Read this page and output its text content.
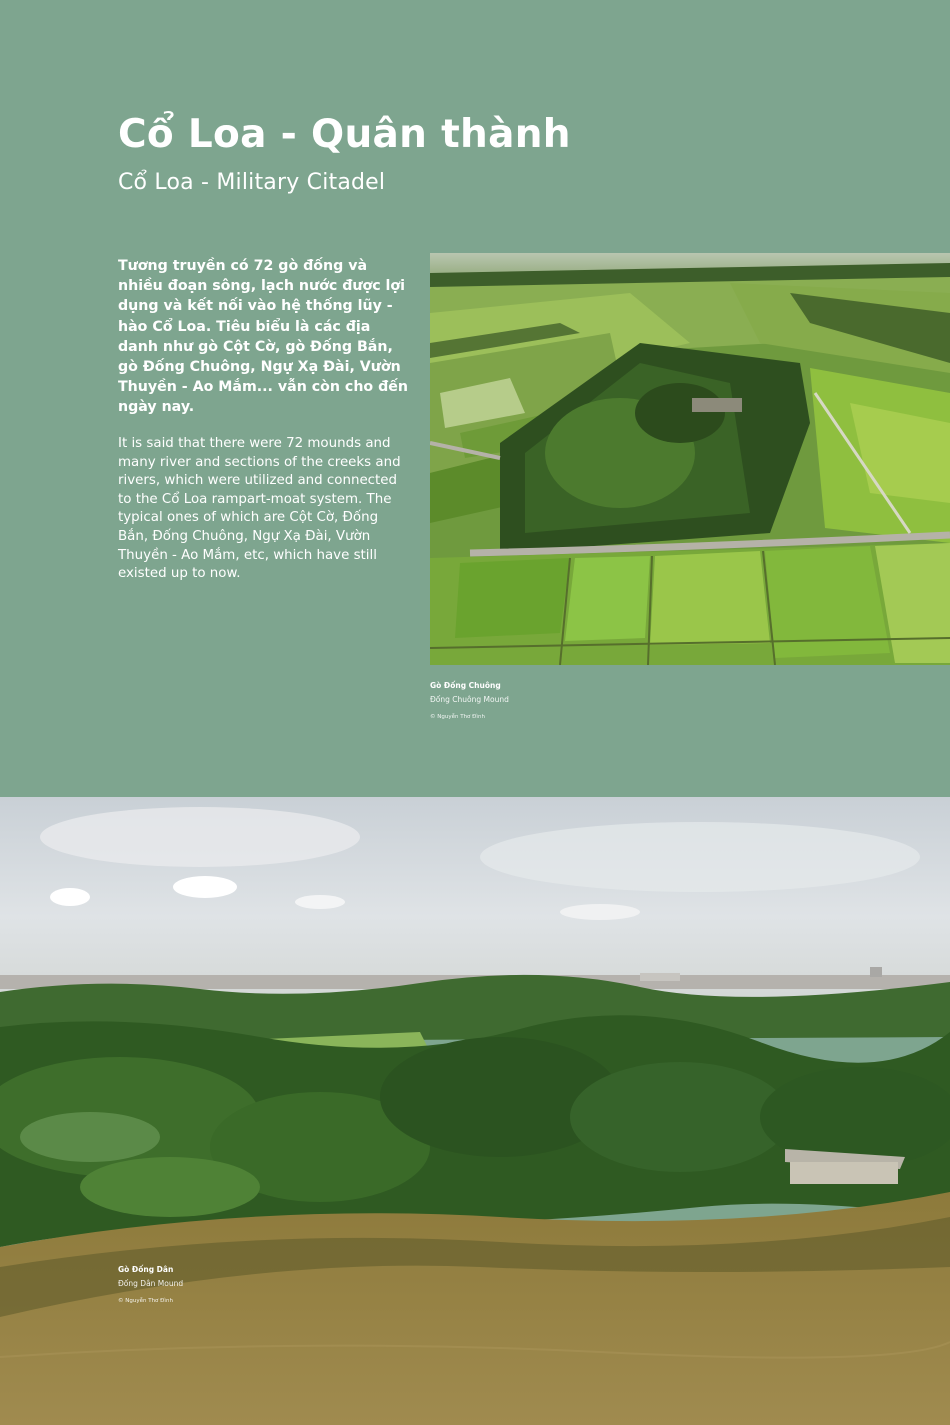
Cổ Loa - Quân thành
Cổ Loa - Military Citadel

Tương truyền có 72 gò đống và nhiều đoạn sông, lạch nước được lợi dụng và kết nối vào hệ thống lũy - hào Cổ Loa. Tiêu biểu là các địa danh như gò Cột Cờ, gò Đống Bắn, gò Đống Chuông, Ngự Xạ Đài, Vườn Thuyền - Ao Mắm... vẫn còn cho đến ngày nay.

It is said that there were 72 mounds and many river and sections of the creeks and rivers, which were utilized and connected to the Cổ Loa rampart-moat system. The typical ones of which are Cột Cờ, Đống Bắn, Đống Chuông, Ngự Xạ Đài, Vườn Thuyền - Ao Mắm, etc, which have still existed up to now.

Gò Đống Chuông
Đống Chuông Mound
© Nguyễn Thơ Đình
Gò Đống Dân
Đống Dân Mound
© Nguyễn Thơ Đình
